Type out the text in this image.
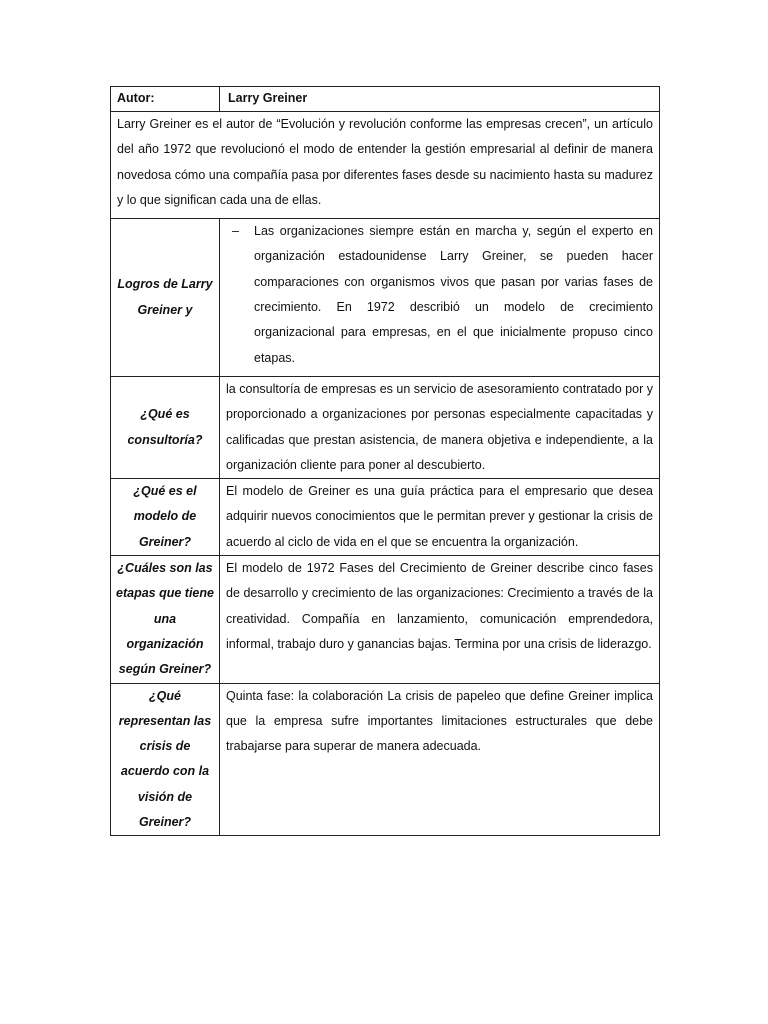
Autor:	Larry Greiner
Larry Greiner es el autor de “Evolución y revolución conforme las empresas crecen”, un artículo del año 1972 que revolucionó el modo de entender la gestión empresarial al definir de manera novedosa cómo una compañía pasa por diferentes fases desde su nacimiento hasta su madurez y lo que significan cada una de ellas.	
Logros de Larry Greiner y	– Las organizaciones siempre están en marcha y, según el experto en organización estadounidense Larry Greiner, se pueden hacer comparaciones con organismos vivos que pasan por varias fases de crecimiento. En 1972 describió un modelo de crecimiento organizacional para empresas, en el que inicialmente propuso cinco etapas.

¿Qué es consultoría?	la consultoría de empresas es un servicio de asesoramiento contratado por y proporcionado a organizaciones por personas especialmente capacitadas y calificadas que prestan asistencia, de manera objetiva e independiente, a la organización cliente para poner al descubierto.
¿Qué es el modelo de Greiner?	El modelo de Greiner es una guía práctica para el empresario que desea adquirir nuevos conocimientos que le permitan prever y gestionar la crisis de acuerdo al ciclo de vida en el que se encuentra la organización.
¿Cuáles son las etapas que tiene una organización según Greiner?	El modelo de 1972 Fases del Crecimiento de Greiner describe cinco fases de desarrollo y crecimiento de las organizaciones: Crecimiento a través de la creatividad. Compañía en lanzamiento, comunicación emprendedora, informal, trabajo duro y ganancias bajas. Termina por una crisis de liderazgo.
¿Qué representan las crisis de acuerdo con la visión de Greiner?	Quinta fase: la colaboración La crisis de papeleo que define Greiner implica que la empresa sufre importantes limitaciones estructurales que debe trabajarse para superar de manera adecuada.
